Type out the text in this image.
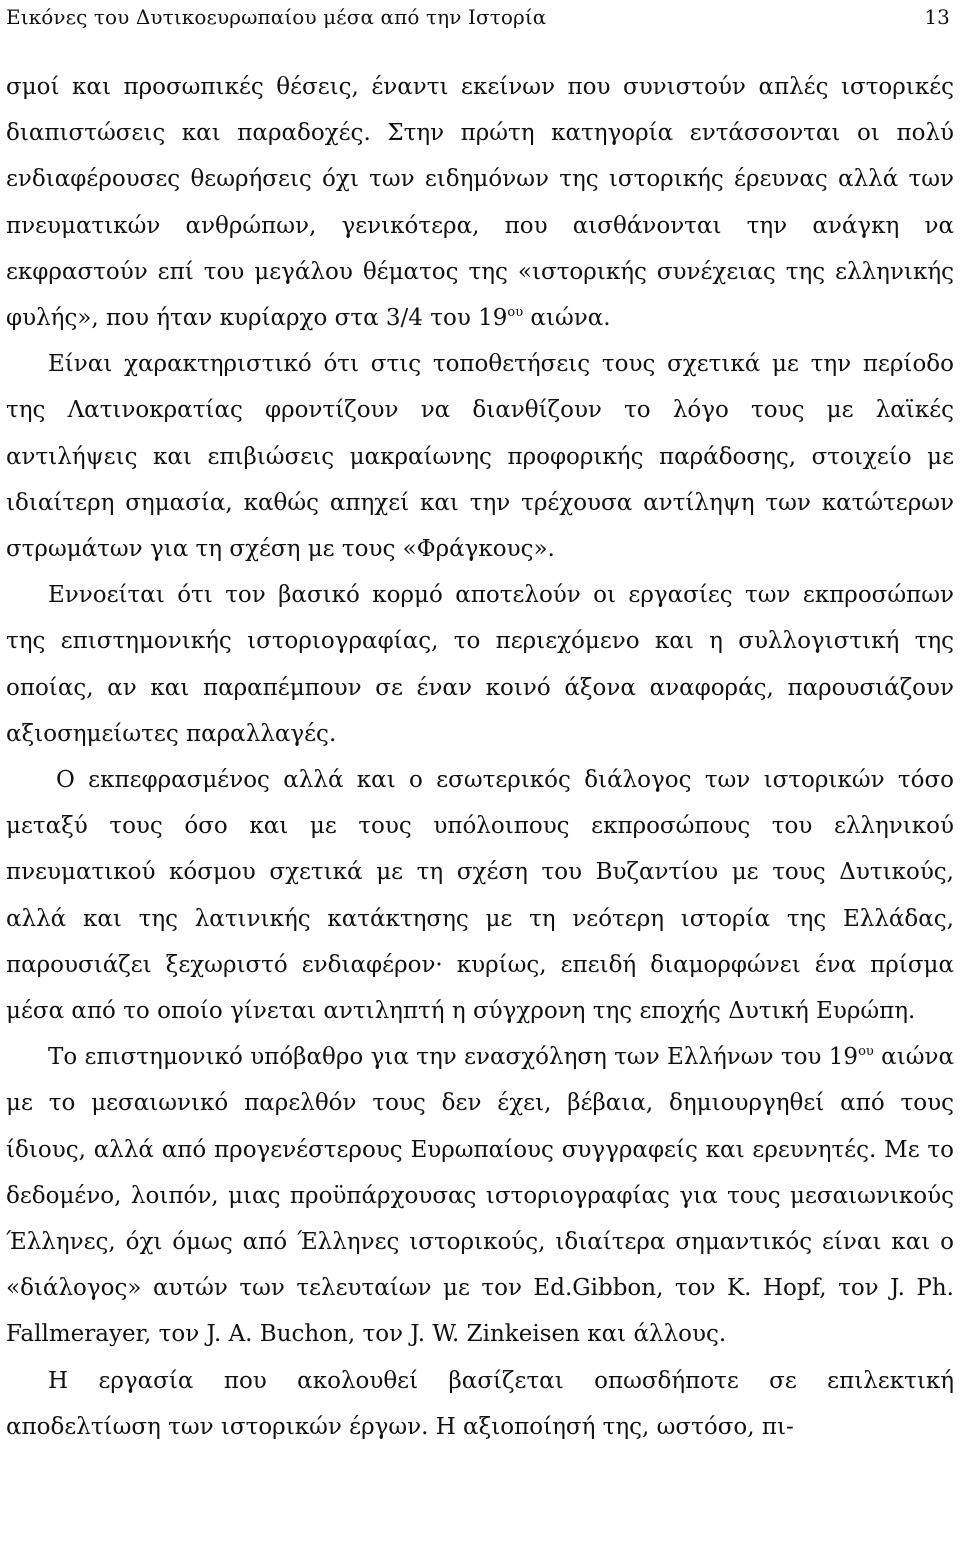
Εικόνες του Δυτικοευρωπαίου μέσα από την Ιστορία	13

σμοί και προσωπικές θέσεις, έναντι εκείνων που συνιστούν απλές ιστορικές διαπιστώσεις και παραδοχές. Στην πρώτη κατηγορία εντάσσονται οι πολύ ενδιαφέρουσες θεωρήσεις όχι των ειδημόνων της ιστορικής έρευνας αλλά των πνευματικών ανθρώπων, γενικότερα, που αισθάνονται την ανάγκη να εκφραστούν επί του μεγάλου θέματος της «ιστορικής συνέχειας της ελληνικής φυλής», που ήταν κυρίαρχο στα 3/4 του $19^{o\upsilon}$ αιώνα.

Είναι χαρακτηριστικό ότι στις τοποθετήσεις τους σχετικά με την περίοδο της Λατινοκρατίας φροντίζουν να διανθίζουν το λόγο τους με λαϊκές αντιλήψεις και επιβιώσεις μακραίωνης προφορικής παράδοσης, στοιχείο με ιδιαίτερη σημασία, καθώς απηχεί και την τρέχουσα αντίληψη των κατώτερων στρωμάτων για τη σχέση με τους «Φράγκους».

Εννοείται ότι τον βασικό κορμό αποτελούν οι εργασίες των εκπροσώπων της επιστημονικής ιστοριογραφίας, το περιεχόμενο και η συλλογιστική της οποίας, αν και παραπέμπουν σε έναν κοινό άξονα αναφοράς, παρουσιάζουν αξιοσημείωτες παραλλαγές.

Ο εκπεφρασμένος αλλά και ο εσωτερικός διάλογος των ιστορικών τόσο μεταξύ τους όσο και με τους υπόλοιπους εκπροσώπους του ελληνικού πνευματικού κόσμου σχετικά με τη σχέση του Βυζαντίου με τους Δυτικούς, αλλά και της λατινικής κατάκτησης με τη νεότερη ιστορία της Ελλάδας, παρουσιάζει ξεχωριστό ενδιαφέρον· κυρίως, επειδή διαμορφώνει ένα πρίσμα μέσα από το οποίο γίνεται αντιληπτή η σύγχρονη της εποχής Δυτική Ευρώπη.

Το επιστημονικό υπόβαθρο για την ενασχόληση των Ελλήνων του $19^{o\upsilon}$ αιώνα με το μεσαιωνικό παρελθόν τους δεν έχει, βέβαια, δημιουργηθεί από τους ίδιους, αλλά από προγενέστερους Ευρωπαίους συγγραφείς και ερευνητές. Με το δεδομένο, λοιπόν, μιας προϋπάρχουσας ιστοριογραφίας για τους μεσαιωνικούς Έλληνες, όχι όμως από Έλληνες ιστορικούς, ιδιαίτερα σημαντικός είναι και ο «διάλογος» αυτών των τελευταίων με τον Ed.Gibbon, τον K. Hopf, τον J. Ph. Fallmerayer, τον J. A. Buchon, τον J. W. Zinkeisen και άλλους.

Η εργασία που ακολουθεί βασίζεται οπωσδήποτε σε επιλεκτική αποδελτίωση των ιστορικών έργων. Η αξιοποίησή της, ωστόσο, πι-
